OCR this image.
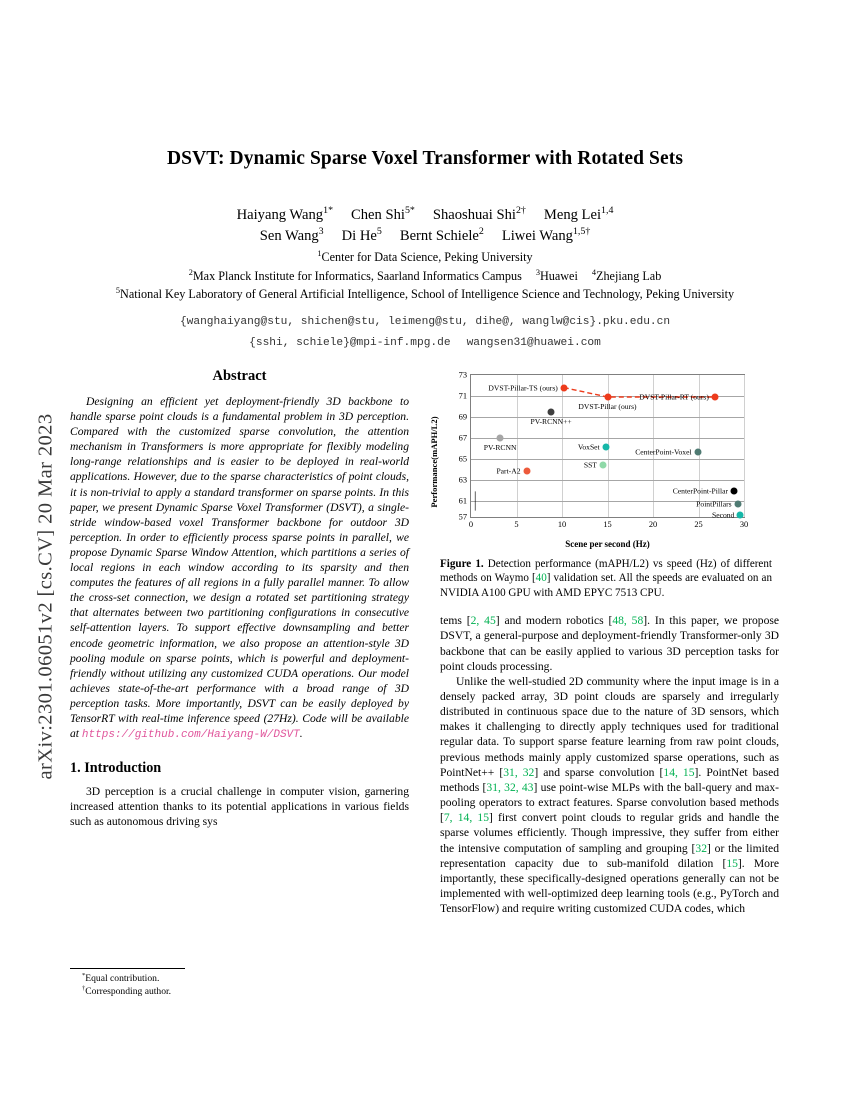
arXiv:2301.06051v2 [cs.CV] 20 Mar 2023
DSVT: Dynamic Sparse Voxel Transformer with Rotated Sets
Haiyang Wang$^{1*}$ Chen Shi$^{5*}$ Shaoshuai Shi$^{2\dagger}$ Meng Lei$^{1,4}$
Sen Wang$^3$ Di He$^5$ Bernt Schiele$^2$ Liwei Wang$^{1,5\dagger}$
$^1$Center for Data Science, Peking University
$^2$Max Planck Institute for Informatics, Saarland Informatics Campus $^3$Huawei $^4$Zhejiang Lab
$^5$National Key Laboratory of General Artificial Intelligence, School of Intelligence Science and Technology, Peking University
{wanghaiyang@stu, shichen@stu, leimeng@stu, dihe@, wanglw@cis}.pku.edu.cn
{sshi, schiele}@mpi-inf.mpg.de wangsen31@huawei.com
Abstract

Designing an efficient yet deployment-friendly 3D backbone to handle sparse point clouds is a fundamental problem in 3D perception. Compared with the customized sparse convolution, the attention mechanism in Transformers is more appropriate for flexibly modeling long-range relationships and is easier to be deployed in real-world applications. However, due to the sparse characteristics of point clouds, it is non-trivial to apply a standard transformer on sparse points. In this paper, we present Dynamic Sparse Voxel Transformer (DSVT), a single-stride window-based voxel Transformer backbone for outdoor 3D perception. In order to efficiently process sparse points in parallel, we propose Dynamic Sparse Window Attention, which partitions a series of local regions in each window according to its sparsity and then computes the features of all regions in a fully parallel manner. To allow the cross-set connection, we design a rotated set partitioning strategy that alternates between two partitioning configurations in consecutive self-attention layers. To support effective downsampling and better encode geometric information, we also propose an attention-style 3D pooling module on sparse points, which is powerful and deployment-friendly without utilizing any customized CUDA operations. Our model achieves state-of-the-art performance with a broad range of 3D perception tasks. More importantly, DSVT can be easily deployed by TensorRT with real-time inference speed (27Hz). Code will be available at https://github.com/Haiyang-W/DSVT.

1. Introduction

3D perception is a crucial challenge in computer vision, garnering increased attention thanks to its potential applications in various fields such as autonomous driving sys

*Equal contribution.
†Corresponding author.
Performance(mAPH/L2)
57
61
63
65
67
69
71
73
0	5	10	15	20	25	30
⸺
DVST-Pillar-TS (ours)
DVST-Pillar (ours)
DVST-Pillar-RT (ours)
PV-RCNN++
PV-RCNN	VoxSet
CenterPoint-Voxel
SST
Part-A2
CenterPoint-Pillar
PointPillars
Second
Scene per second (Hz)
Figure 1. Detection performance (mAPH/L2) vs speed (Hz) of different methods on Waymo [40] validation set. All the speeds are evaluated on an NVIDIA A100 GPU with AMD EPYC 7513 CPU.

tems [2, 45] and modern robotics [48, 58]. In this paper, we propose DSVT, a general-purpose and deployment-friendly Transformer-only 3D backbone that can be easily applied to various 3D perception tasks for point clouds processing.

Unlike the well-studied 2D community where the input image is in a densely packed array, 3D point clouds are sparsely and irregularly distributed in continuous space due to the nature of 3D sensors, which makes it challenging to directly apply techniques used for traditional regular data. To support sparse feature learning from raw point clouds, previous methods mainly apply customized sparse operations, such as PointNet++ [31, 32] and sparse convolution [14, 15]. PointNet based methods [31, 32, 43] use point-wise MLPs with the ball-query and max-pooling operators to extract features. Sparse convolution based methods [7, 14, 15] first convert point clouds to regular grids and handle the sparse volumes efficiently. Though impressive, they suffer from either the intensive computation of sampling and grouping [32] or the limited representation capacity due to sub-manifold dilation [15]. More importantly, these specifically-designed operations generally can not be implemented with well-optimized deep learning tools (e.g., PyTorch and TensorFlow) and require writing customized CUDA codes, which
